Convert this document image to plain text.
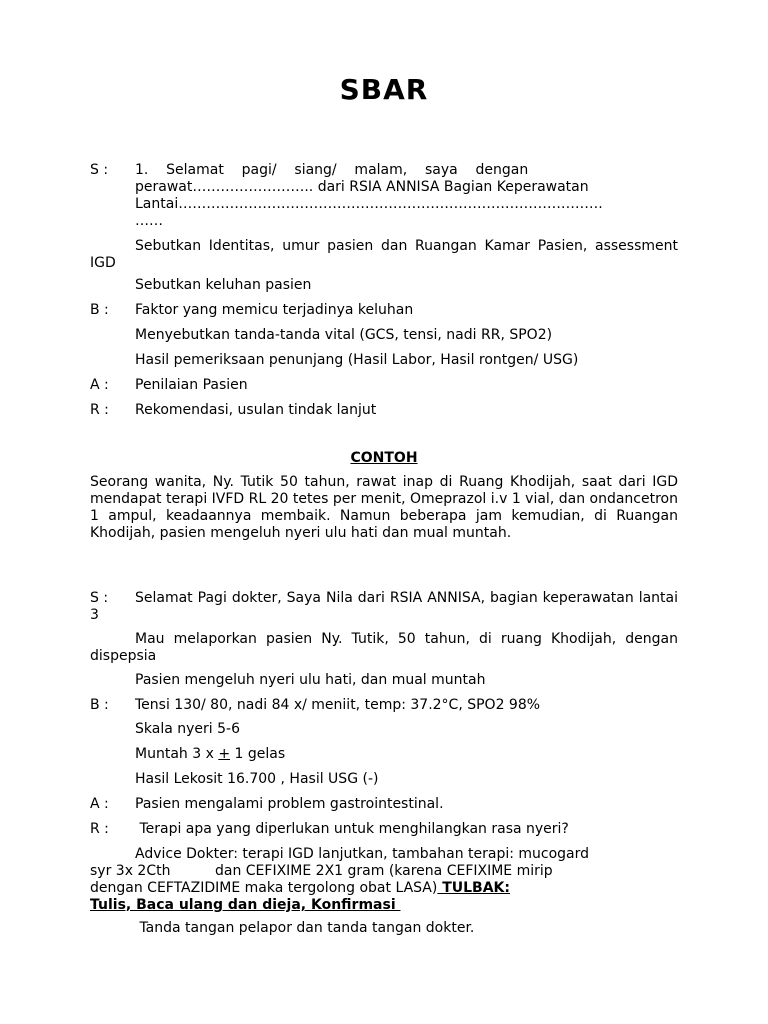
SBAR
S :	1.    Selamat    pagi/    siang/    malam,    saya    dengan
perawat…………………….. dari RSIA ANNISA Bagian Keperawatan
Lantai……………………………………………………………………………….
……
Sebutkan Identitas, umur pasien dan Ruangan Kamar Pasien, assessment IGD
Sebutkan keluhan pasien
B :	Faktor yang memicu terjadinya keluhan
Menyebutkan tanda-tanda vital (GCS, tensi, nadi RR, SPO2)
Hasil pemeriksaan penunjang (Hasil Labor, Hasil rontgen/ USG)
A :	Penilaian Pasien
R :	Rekomendasi, usulan tindak lanjut
CONTOH
Seorang wanita, Ny. Tutik 50 tahun, rawat inap di Ruang Khodijah, saat dari IGD mendapat terapi IVFD RL 20 tetes per menit, Omeprazol i.v 1 vial, dan ondancetron 1 ampul, keadaannya membaik. Namun beberapa jam kemudian, di Ruangan Khodijah, pasien mengeluh nyeri ulu hati dan mual muntah.
S :	Selamat Pagi dokter, Saya Nila dari RSIA ANNISA, bagian keperawatan lantai 3
Mau melaporkan pasien Ny. Tutik, 50 tahun, di ruang Khodijah, dengan dispepsia
Pasien mengeluh nyeri ulu hati, dan mual muntah
B :	Tensi 130/ 80, nadi 84 x/ meniit, temp: 37.2°C, SPO2 98%
Skala nyeri 5-6
Muntah 3 x + 1 gelas
Hasil Lekosit 16.700 , Hasil USG (-)
A :	Pasien mengalami problem gastrointestinal.
R :	Terapi apa yang diperlukan untuk menghilangkan rasa nyeri?
Advice Dokter: terapi IGD lanjutkan, tambahan terapi: mucogard
syr 3x 2Cth          dan CEFIXIME 2X1 gram (karena CEFIXIME mirip
dengan CEFTAZIDIME maka tergolong obat LASA) TULBAK:
Tulis, Baca ulang dan dieja, Konfirmasi
Tanda tangan pelapor dan tanda tangan dokter.
